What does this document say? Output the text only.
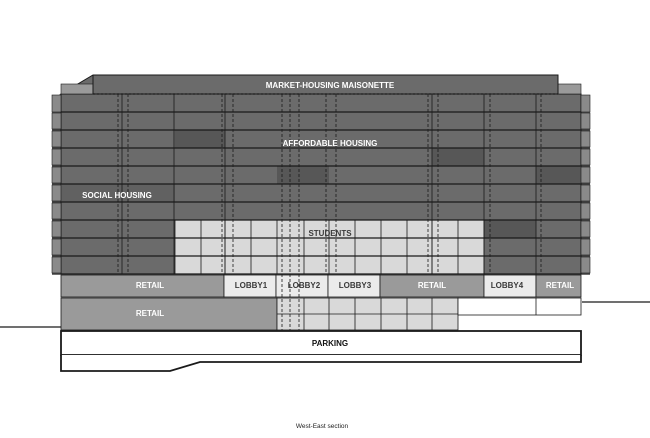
MARKET-HOUSING MAISONETTE
AFFORDABLE HOUSING
SOCIAL HOUSING
STUDENTS
RETAIL	LOBBY1	LOBBY2 LOBBY3	RETAIL	LOBBY4	RETAIL
RETAIL
PARKING
West-East section
